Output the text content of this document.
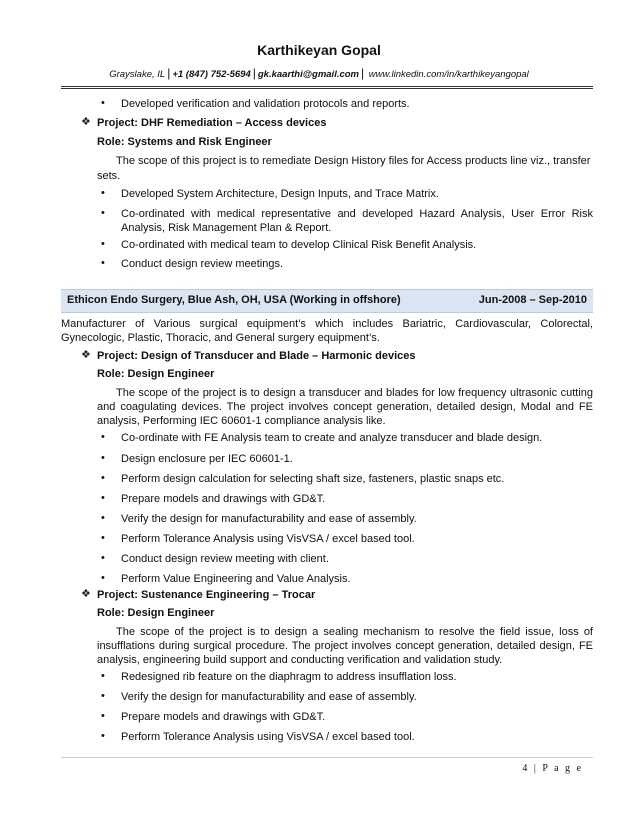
Karthikeyan Gopal
Grayslake, IL | +1 (847) 752-5694 | gk.kaarthi@gmail.com | www.linkedin.com/in/karthikeyangopal
• Developed verification and validation protocols and reports.
❖ Project: DHF Remediation – Access devices
Role: Systems and Risk Engineer
The scope of this project is to remediate Design History files for Access products line viz., transfer
sets.
• Developed System Architecture, Design Inputs, and Trace Matrix.
• Co-ordinated with medical representative and developed Hazard Analysis, User Error Risk
Analysis, Risk Management Plan & Report.
• Co-ordinated with medical team to develop Clinical Risk Benefit Analysis.
• Conduct design review meetings.
Ethicon Endo Surgery, Blue Ash, OH, USA (Working in offshore)	Jun-2008 – Sep-2010
Manufacturer of Various surgical equipment’s which includes Bariatric, Cardiovascular, Colorectal,
Gynecologic, Plastic, Thoracic, and General surgery equipment’s.
❖ Project: Design of Transducer and Blade – Harmonic devices
Role: Design Engineer
The scope of the project is to design a transducer and blades for low frequency ultrasonic cutting
and coagulating devices. The project involves concept generation, detailed design, Modal and FE
analysis, Performing IEC 60601-1 compliance analysis like.
• Co-ordinate with FE Analysis team to create and analyze transducer and blade design.
• Design enclosure per IEC 60601-1.
• Perform design calculation for selecting shaft size, fasteners, plastic snaps etc.
• Prepare models and drawings with GD&T.
• Verify the design for manufacturability and ease of assembly.
• Perform Tolerance Analysis using VisVSA / excel based tool.
• Conduct design review meeting with client.
• Perform Value Engineering and Value Analysis.
❖ Project: Sustenance Engineering – Trocar
Role: Design Engineer
The scope of the project is to design a sealing mechanism to resolve the field issue, loss of
insufflations during surgical procedure. The project involves concept generation, detailed design, FE
analysis, engineering build support and conducting verification and validation study.
• Redesigned rib feature on the diaphragm to address insufflation loss.
• Verify the design for manufacturability and ease of assembly.
• Prepare models and drawings with GD&T.
• Perform Tolerance Analysis using VisVSA / excel based tool.
4 | P a g e
